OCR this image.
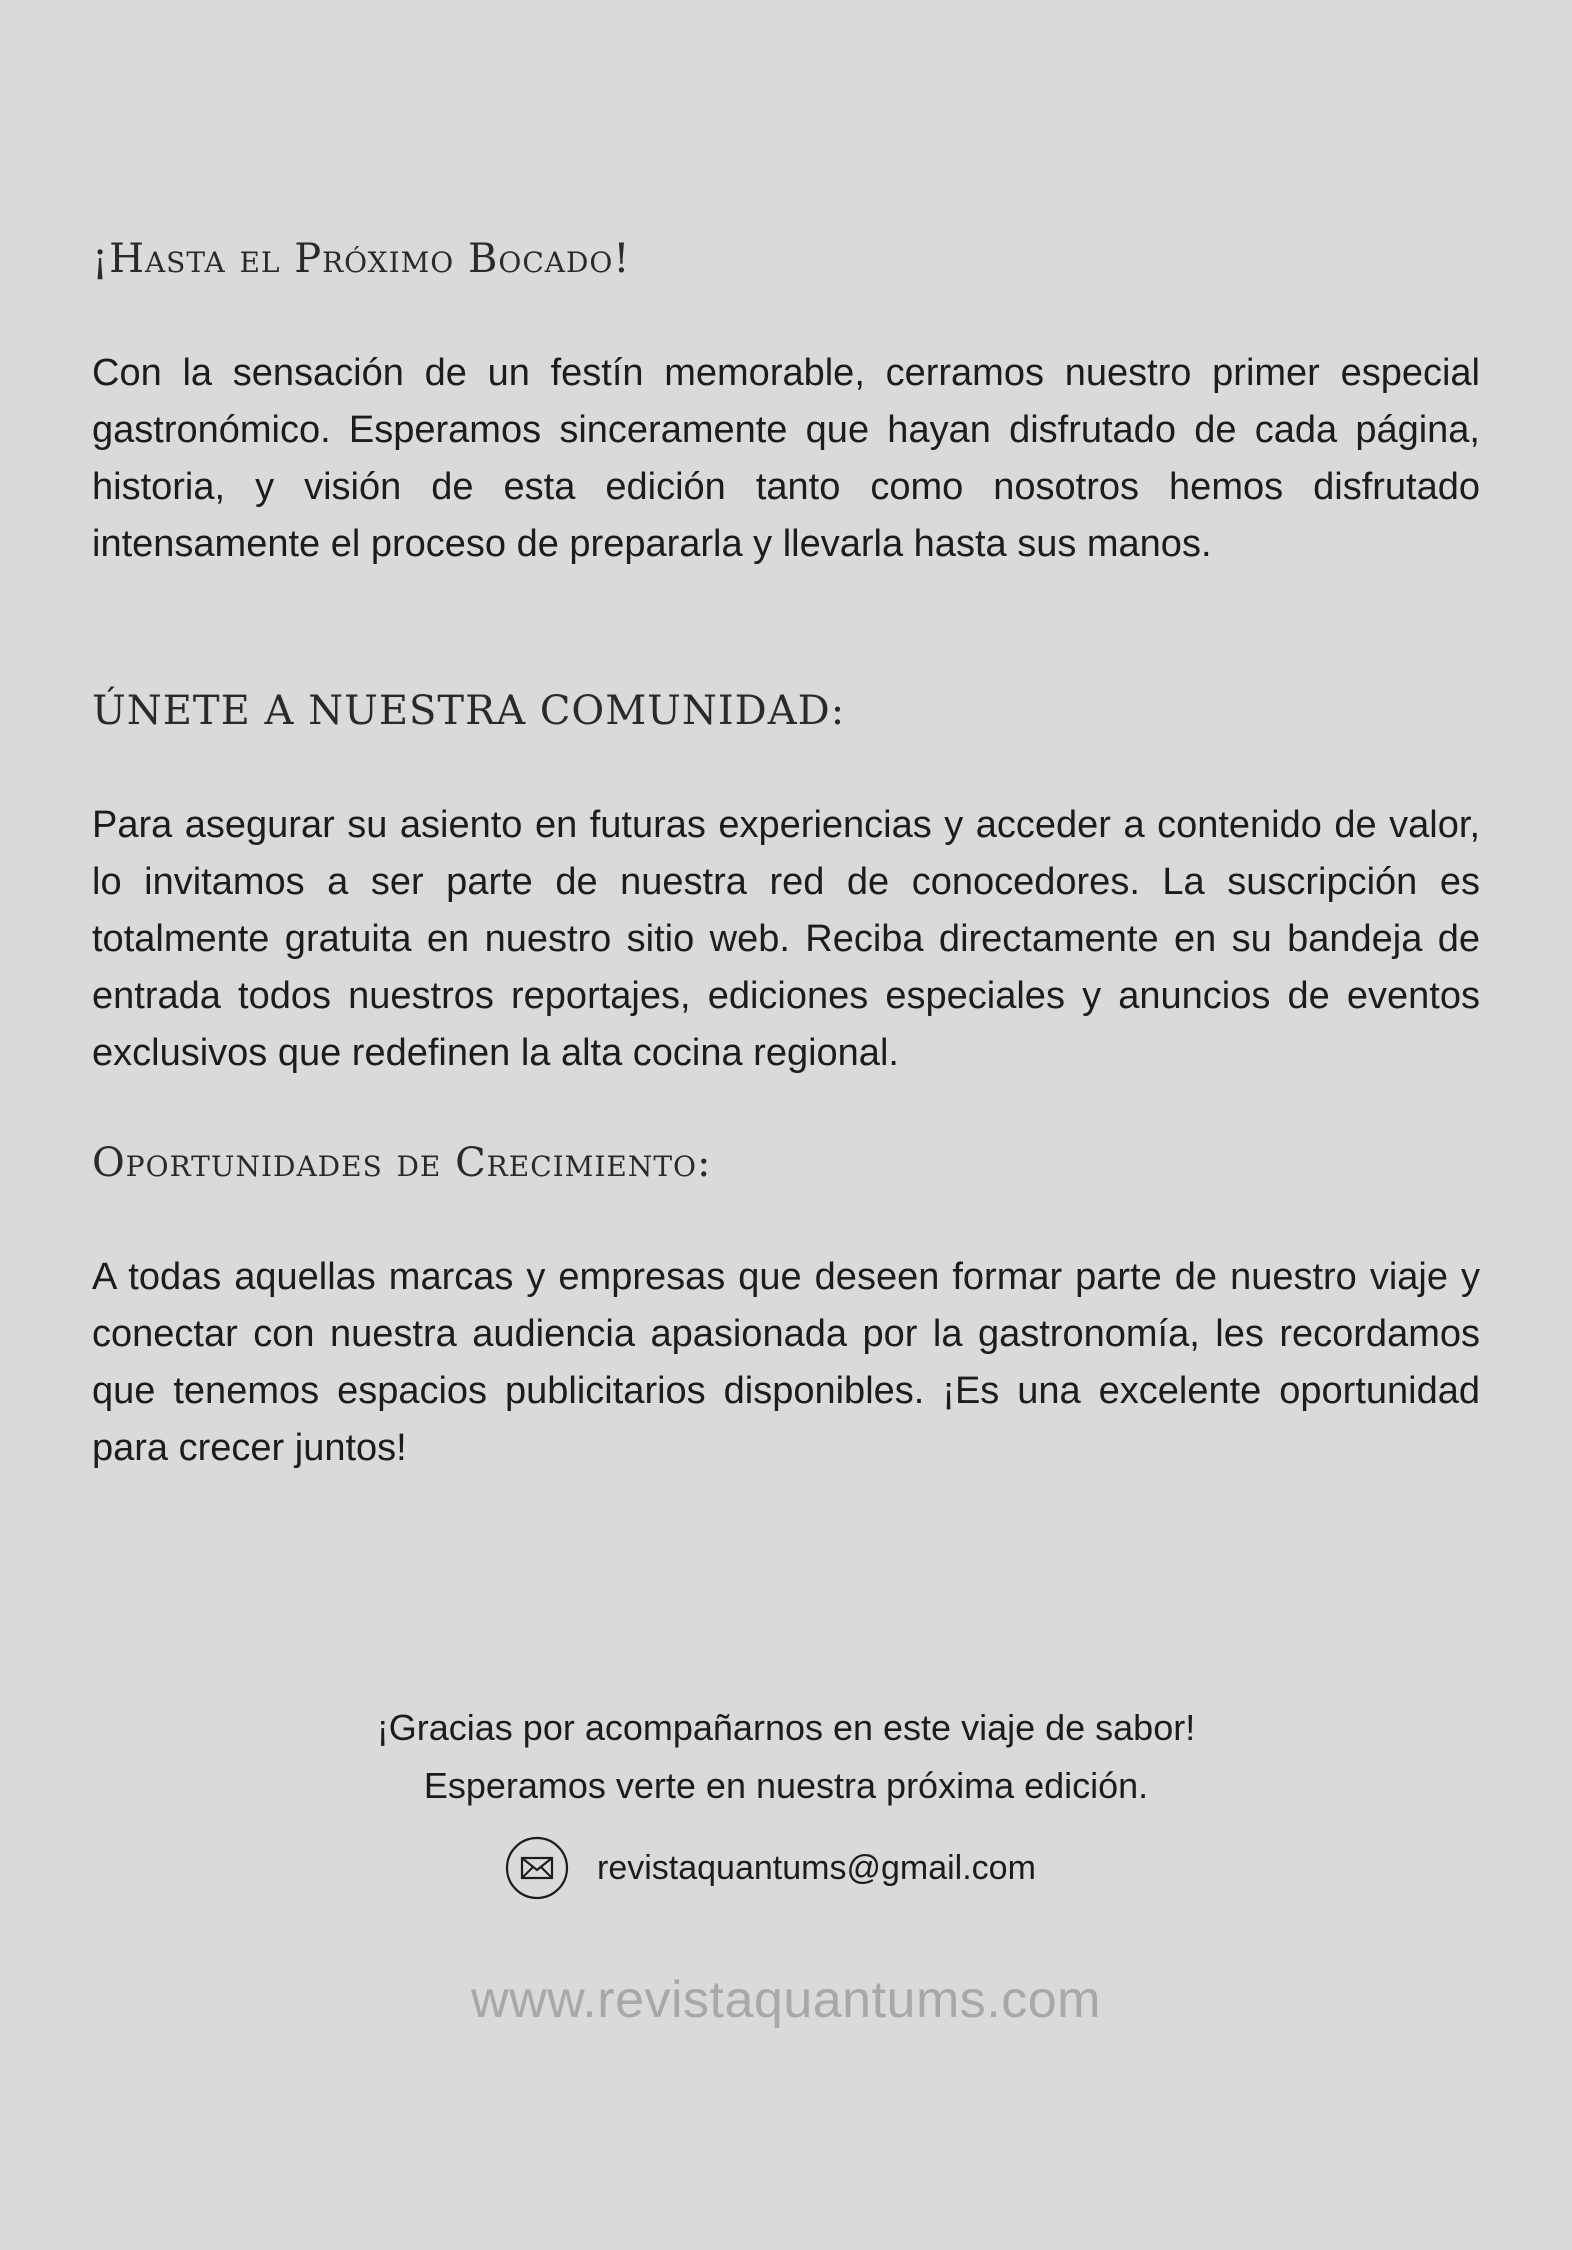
¡Hasta el Próximo Bocado!

Con la sensación de un festín memorable, cerramos nuestro primer especial gastronómico. Esperamos sinceramente que hayan disfrutado de cada página, historia, y visión de esta edición tanto como nosotros hemos disfrutado intensamente el proceso de prepararla y llevarla hasta sus manos.

ÚNETE A NUESTRA COMUNIDAD:

Para asegurar su asiento en futuras experiencias y acceder a contenido de valor, lo invitamos a ser parte de nuestra red de conocedores. La suscripción es totalmente gratuita en nuestro sitio web. Reciba directamente en su bandeja de entrada todos nuestros reportajes, ediciones especiales y anuncios de eventos exclusivos que redefinen la alta cocina regional.

Oportunidades de Crecimiento:

A todas aquellas marcas y empresas que deseen formar parte de nuestro viaje y conectar con nuestra audiencia apasionada por la gastronomía, les recordamos que tenemos espacios publicitarios disponibles. ¡Es una excelente oportunidad para crecer juntos!

¡Gracias por acompañarnos en este viaje de sabor!
Esperamos verte en nuestra próxima edición.
revistaquantums@gmail.com
www.revistaquantums.com
